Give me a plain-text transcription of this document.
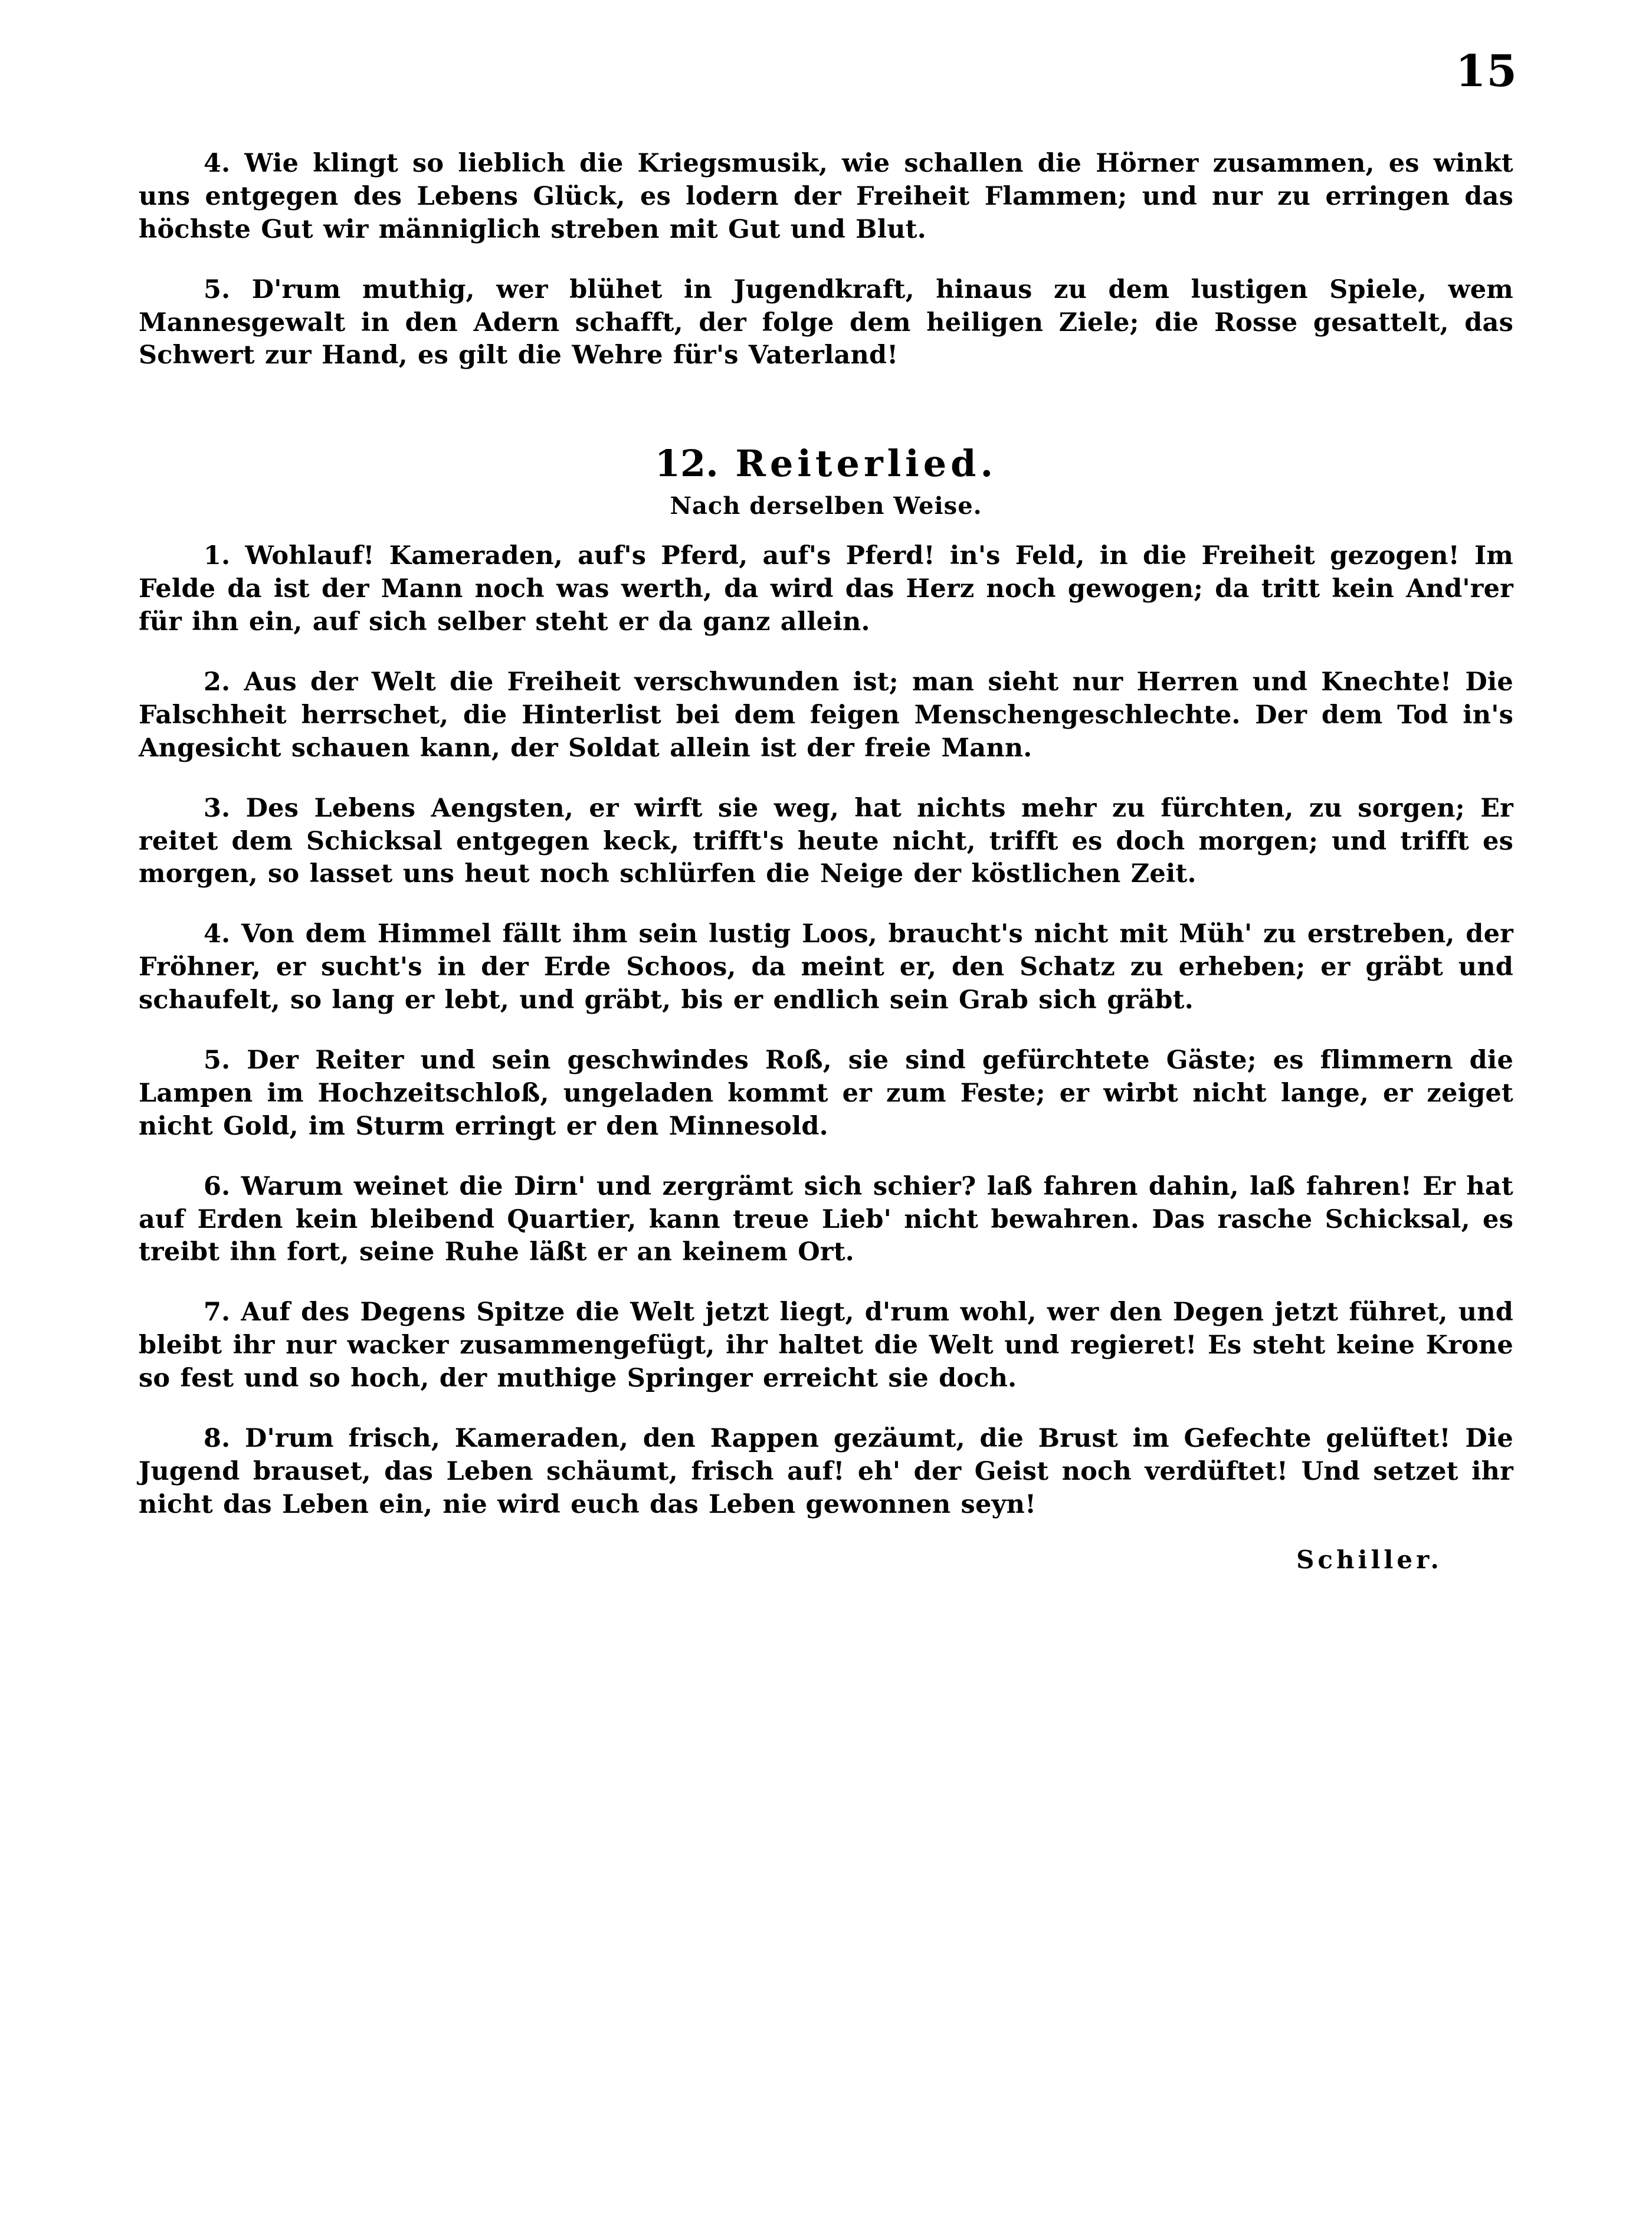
15

4. Wie klingt so lieblich die Kriegsmusik, wie schallen die Hörner zusammen, es winkt uns entgegen des Lebens Glück, es lodern der Freiheit Flammen; und nur zu erringen das höchste Gut wir männiglich streben mit Gut und Blut.

5. D'rum muthig, wer blühet in Jugendkraft, hinaus zu dem lustigen Spiele, wem Mannesgewalt in den Adern schafft, der folge dem heiligen Ziele; die Rosse gesattelt, das Schwert zur Hand, es gilt die Wehre für's Vaterland!

12. Reiterlied.
Nach derselben Weise.

1. Wohlauf! Kameraden, auf's Pferd, auf's Pferd! in's Feld, in die Freiheit gezogen! Im Felde da ist der Mann noch was werth, da wird das Herz noch gewogen; da tritt kein And'rer für ihn ein, auf sich selber steht er da ganz allein.

2. Aus der Welt die Freiheit verschwunden ist; man sieht nur Herren und Knechte! Die Falschheit herrschet, die Hinterlist bei dem feigen Menschengeschlechte. Der dem Tod in's Angesicht schauen kann, der Soldat allein ist der freie Mann.

3. Des Lebens Aengsten, er wirft sie weg, hat nichts mehr zu fürchten, zu sorgen; Er reitet dem Schicksal entgegen keck, trifft's heute nicht, trifft es doch morgen; und trifft es morgen, so lasset uns heut noch schlürfen die Neige der köstlichen Zeit.

4. Von dem Himmel fällt ihm sein lustig Loos, braucht's nicht mit Müh' zu erstreben, der Fröhner, er sucht's in der Erde Schoos, da meint er, den Schatz zu erheben; er gräbt und schaufelt, so lang er lebt, und gräbt, bis er endlich sein Grab sich gräbt.

5. Der Reiter und sein geschwindes Roß, sie sind gefürchtete Gäste; es flimmern die Lampen im Hochzeitschloß, ungeladen kommt er zum Feste; er wirbt nicht lange, er zeiget nicht Gold, im Sturm erringt er den Minnesold.

6. Warum weinet die Dirn' und zergrämt sich schier? laß fahren dahin, laß fahren! Er hat auf Erden kein bleibend Quartier, kann treue Lieb' nicht bewahren. Das rasche Schicksal, es treibt ihn fort, seine Ruhe läßt er an keinem Ort.

7. Auf des Degens Spitze die Welt jetzt liegt, d'rum wohl, wer den Degen jetzt führet, und bleibt ihr nur wacker zusammengefügt, ihr haltet die Welt und regieret! Es steht keine Krone so fest und so hoch, der muthige Springer erreicht sie doch.

8. D'rum frisch, Kameraden, den Rappen gezäumt, die Brust im Gefechte gelüftet! Die Jugend brauset, das Leben schäumt, frisch auf! eh' der Geist noch verdüftet! Und setzet ihr nicht das Leben ein, nie wird euch das Leben gewonnen seyn!

Schiller.
